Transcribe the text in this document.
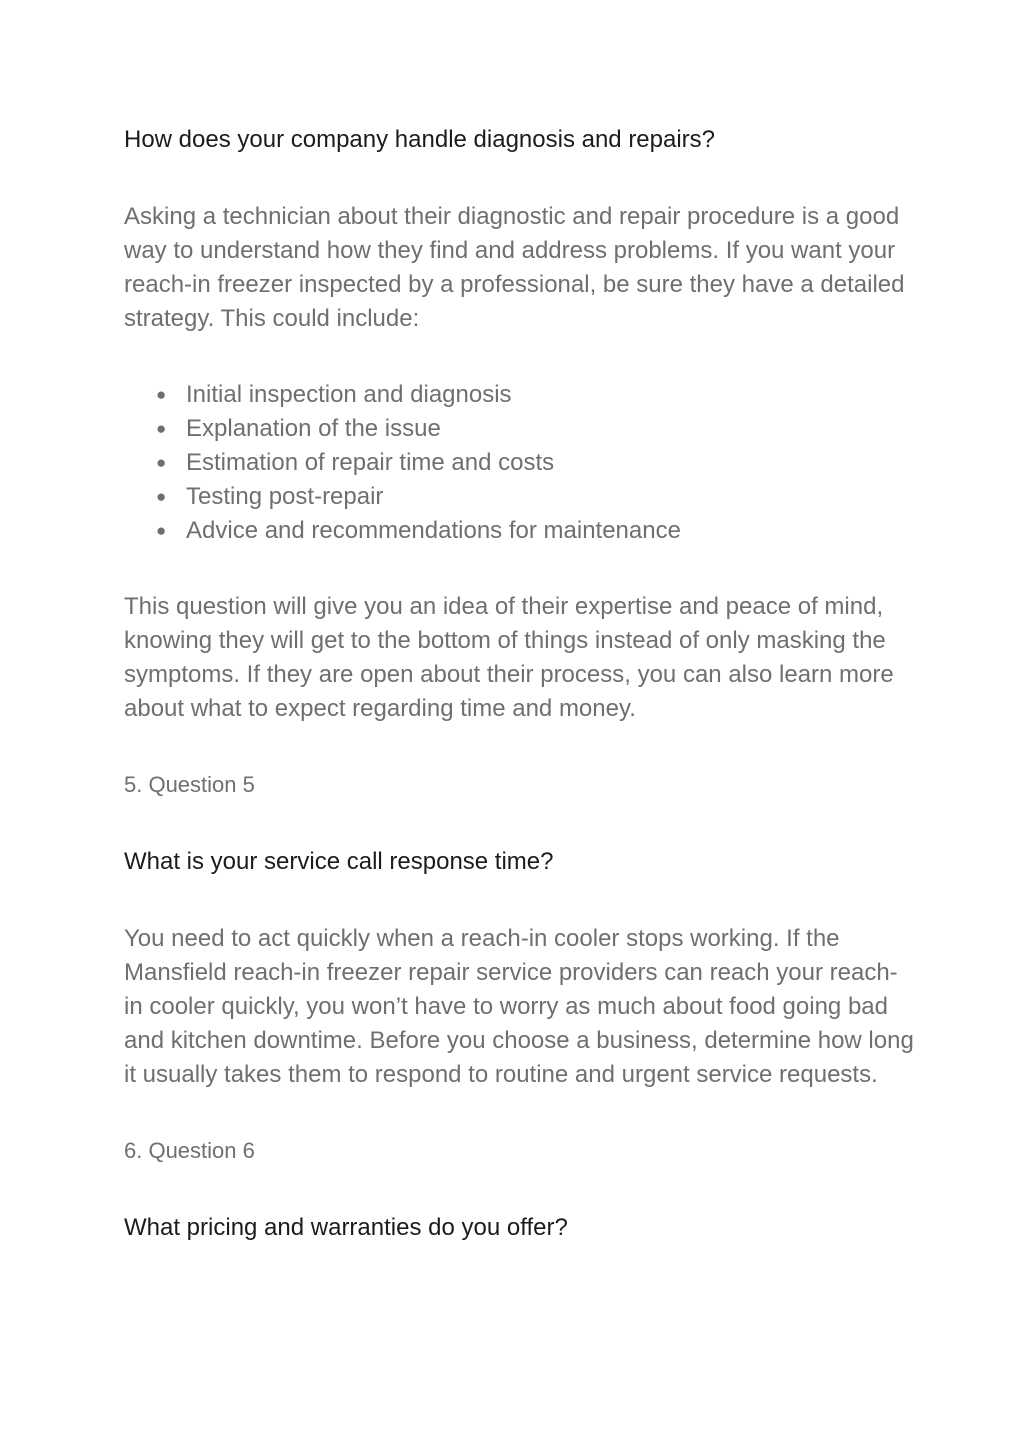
How does your company handle diagnosis and repairs?

Asking a technician about their diagnostic and repair procedure is a good way to understand how they find and address problems. If you want your reach-in freezer inspected by a professional, be sure they have a detailed strategy. This could include:

● Initial inspection and diagnosis
● Explanation of the issue
● Estimation of repair time and costs
● Testing post-repair
● Advice and recommendations for maintenance

This question will give you an idea of their expertise and peace of mind, knowing they will get to the bottom of things instead of only masking the symptoms. If they are open about their process, you can also learn more about what to expect regarding time and money.

5. Question 5

What is your service call response time?

You need to act quickly when a reach-in cooler stops working. If the Mansfield reach-in freezer repair service providers can reach your reach-in cooler quickly, you won’t have to worry as much about food going bad and kitchen downtime. Before you choose a business, determine how long it usually takes them to respond to routine and urgent service requests.

6. Question 6

What pricing and warranties do you offer?
